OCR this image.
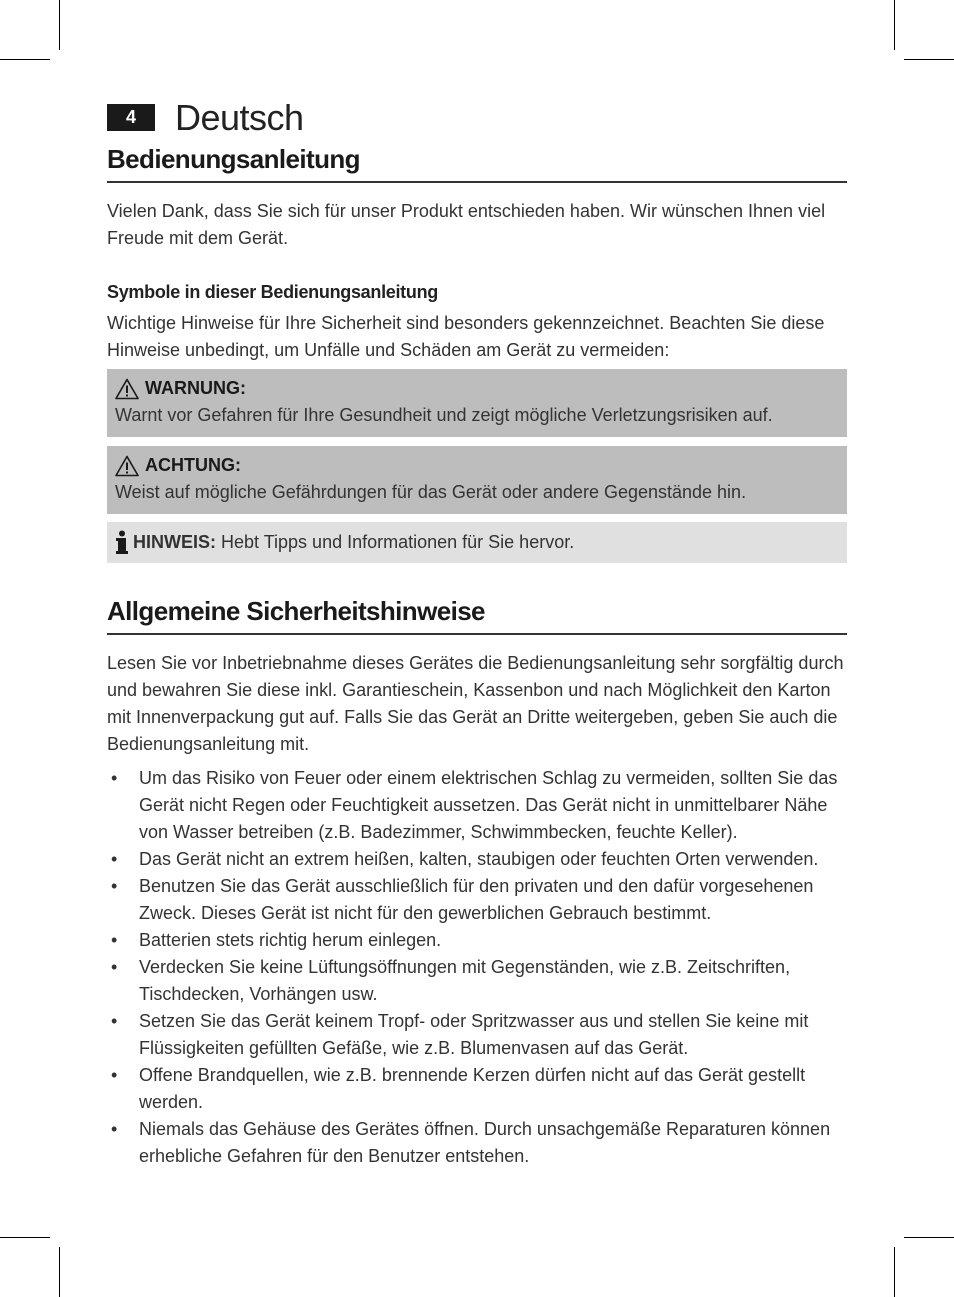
4	Deutsch
Bedienungsanleitung

Vielen Dank, dass Sie sich für unser Produkt entschieden haben. Wir wünschen Ihnen viel Freude mit dem Gerät.

Symbole in dieser Bedienungsanleitung

Wichtige Hinweise für Ihre Sicherheit sind besonders gekennzeichnet. Beachten Sie diese Hinweise unbedingt, um Unfälle und Schäden am Gerät zu vermeiden:

WARNUNG:
Warnt vor Gefahren für Ihre Gesundheit und zeigt mögliche Verletzungsrisiken auf.
ACHTUNG:
Weist auf mögliche Gefährdungen für das Gerät oder andere Gegenstände hin.
HINWEIS: Hebt Tipps und Informationen für Sie hervor.
Allgemeine Sicherheitshinweise

Lesen Sie vor Inbetriebnahme dieses Gerätes die Bedienungsanleitung sehr sorgfältig durch und bewahren Sie diese inkl. Garantieschein, Kassenbon und nach Möglichkeit den Karton mit Innenverpackung gut auf. Falls Sie das Gerät an Dritte weitergeben, geben Sie auch die Bedienungsanleitung mit.

• Um das Risiko von Feuer oder einem elektrischen Schlag zu vermeiden, sollten Sie das Gerät nicht Regen oder Feuchtigkeit aussetzen. Das Gerät nicht in unmittelbarer Nähe von Wasser betreiben (z.B. Badezimmer, Schwimmbecken, feuchte Keller).
• Das Gerät nicht an extrem heißen, kalten, staubigen oder feuchten Orten verwenden.
• Benutzen Sie das Gerät ausschließlich für den privaten und den dafür vorgesehenen Zweck. Dieses Gerät ist nicht für den gewerblichen Gebrauch bestimmt.
• Batterien stets richtig herum einlegen.
• Verdecken Sie keine Lüftungsöffnungen mit Gegenständen, wie z.B. Zeitschriften, Tischdecken, Vorhängen usw.
• Setzen Sie das Gerät keinem Tropf- oder Spritzwasser aus und stellen Sie keine mit Flüssigkeiten gefüllten Gefäße, wie z.B. Blumenvasen auf das Gerät.
• Offene Brandquellen, wie z.B. brennende Kerzen dürfen nicht auf das Gerät gestellt werden.
• Niemals das Gehäuse des Gerätes öffnen. Durch unsachgemäße Reparaturen können erhebliche Gefahren für den Benutzer entstehen.
